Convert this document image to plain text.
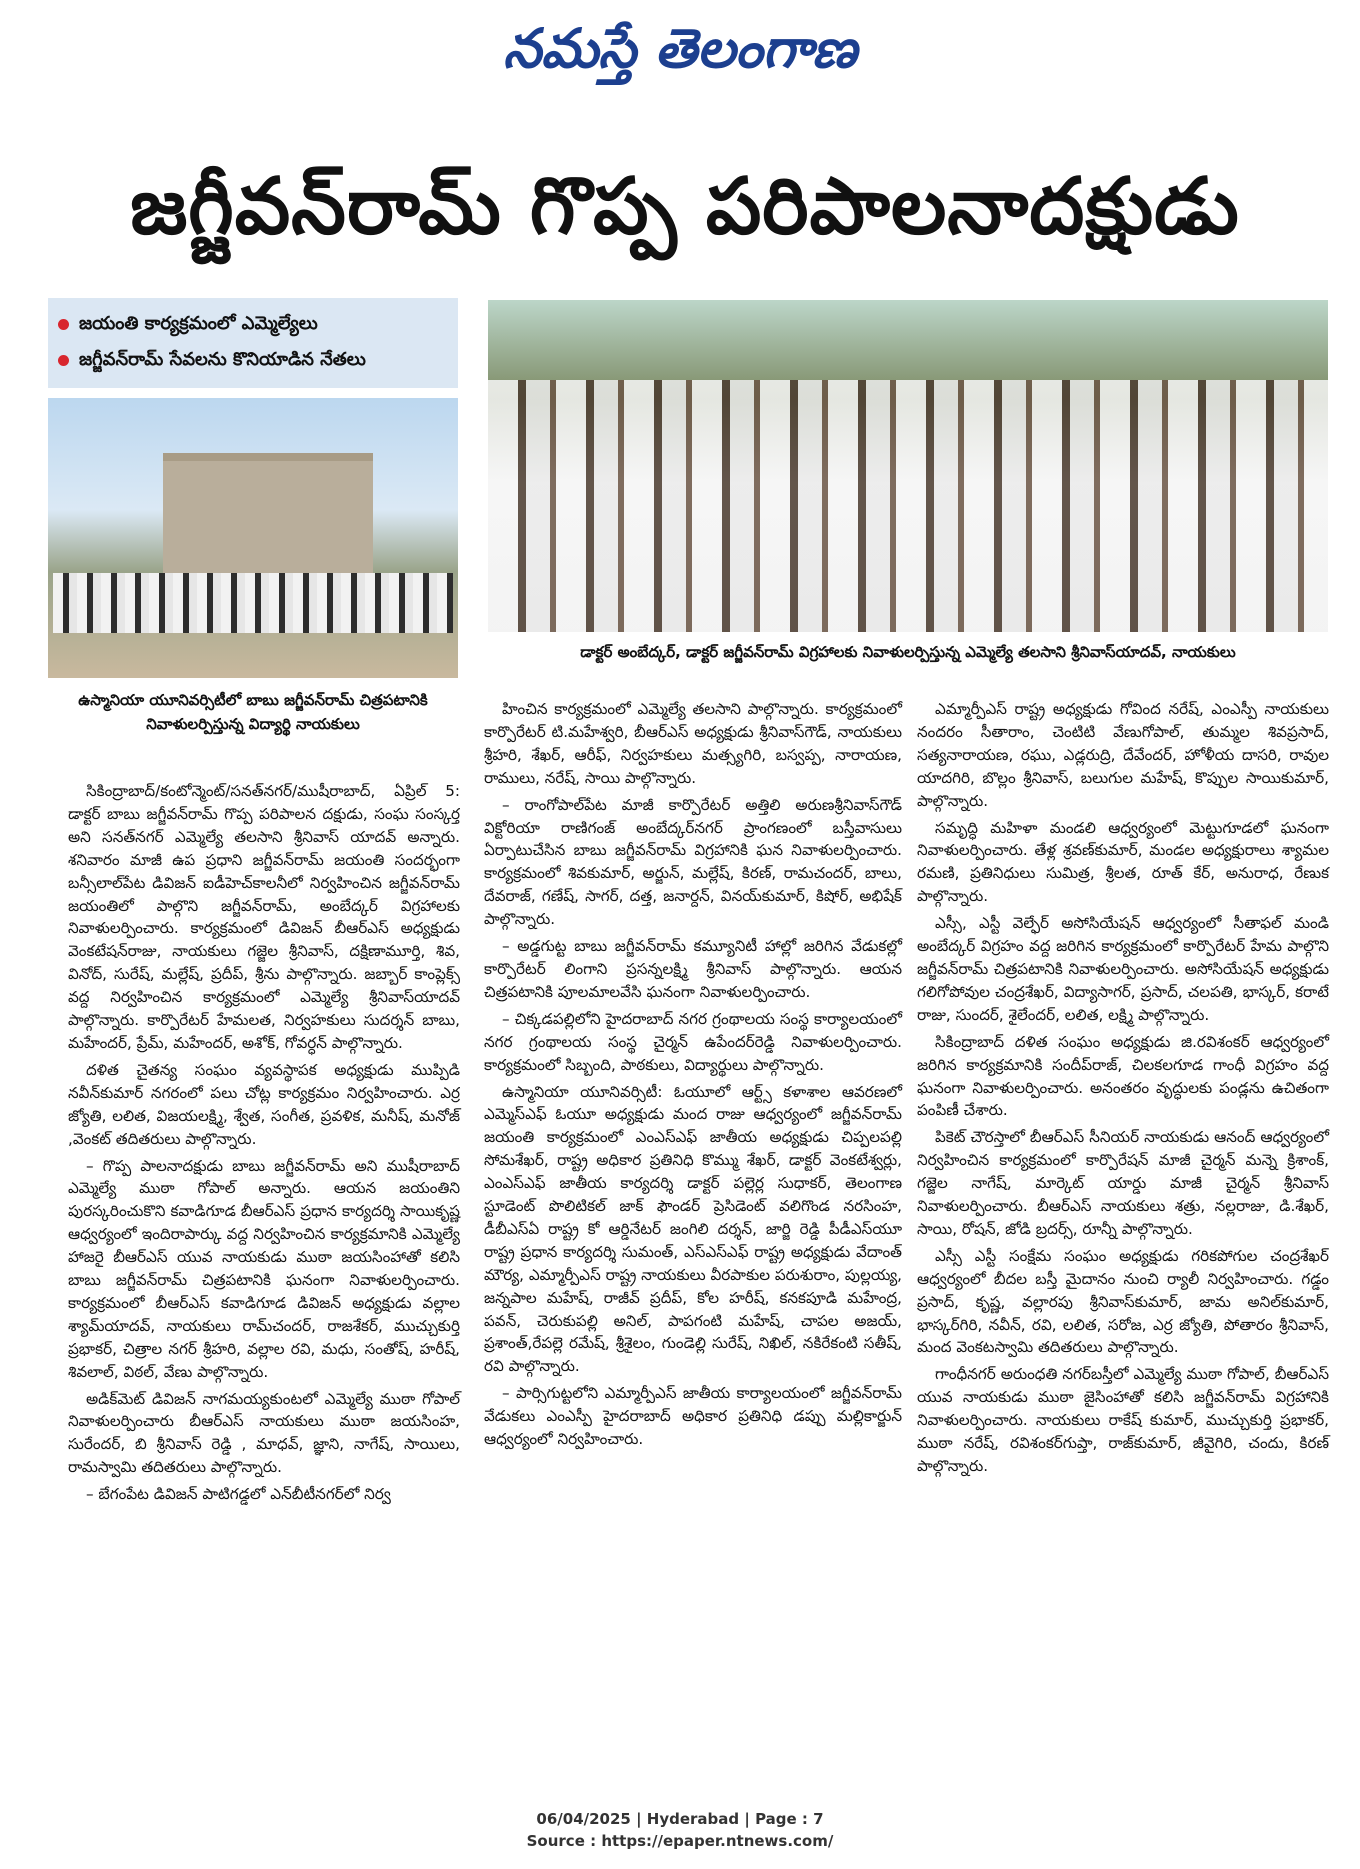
నమస్తే తెలంగాణ
జగ్జీవన్‌రామ్ గొప్ప పరిపాలనాదక్షుడు
జయంతి కార్యక్రమంలో ఎమ్మెల్యేలు
జగ్జీవన్‌రామ్ సేవలను కొనియాడిన నేతలు
డాక్టర్ అంబేద్కర్, డాక్టర్ జగ్జీవన్‌రామ్ విగ్రహాలకు నివాళులర్పిస్తున్న ఎమ్మెల్యే తలసాని శ్రీనివాస్‌యాదవ్, నాయకులు
ఉస్మానియా యూనివర్సిటీలో బాబు జగ్జీవన్‌రామ్ చిత్రపటానికి నివాళులర్పిస్తున్న విద్యార్థి నాయకులు

సికింద్రాబాద్/కంటోన్మెంట్/సనత్‌నగర్/ముషీరాబాద్, ఏప్రిల్ 5: డాక్టర్ బాబు జగ్జీవన్‌రామ్ గొప్ప పరిపాలన దక్షుడు, సంఘ సంస్కర్త అని సనత్‌నగర్ ఎమ్మెల్యే తలసాని శ్రీనివాస్ యాదవ్ అన్నారు. శనివారం మాజీ ఉప ప్రధాని జగ్జీవన్‌రామ్ జయంతి సందర్భంగా బన్సీలాల్‌పేట డివిజన్ ఐడీహెచ్‌కాలనీలో నిర్వహించిన జగ్జీవన్‌రామ్ జయంతిలో పాల్గొని జగ్జీవన్‌రామ్, అంబేద్కర్ విగ్రహాలకు నివాళులర్పించారు. కార్యక్రమంలో డివిజన్ బీఆర్‌ఎస్ అధ్యక్షుడు వెంకటేషన్‌రాజు, నాయకులు గజ్జెల శ్రీనివాస్, దక్షిణామూర్తి, శివ, వినోద్, సురేష్, మల్లేష్, ప్రదీప్, శ్రీను పాల్గొన్నారు. జబ్బార్ కాంప్లెక్స్ వద్ద నిర్వహించిన కార్యక్రమంలో ఎమ్మెల్యే శ్రీనివాస్‌యాదవ్ పాల్గొన్నారు. కార్పొరేటర్ హేమలత, నిర్వహకులు సుదర్శన్ బాబు, మహేందర్, ప్రేమ్, మహేందర్, అశోక్, గోవర్ధన్ పాల్గొన్నారు.

దళిత చైతన్య సంఘం వ్యవస్థాపక అధ్యక్షుడు ముప్పిడి నవీన్‌కుమార్ నగరంలో పలు చోట్ల కార్యక్రమం నిర్వహించారు. ఎర్ర జ్యోతి, లలిత, విజయలక్ష్మి, శ్వేత, సంగీత, ప్రవళిక, మనీష్, మనోజ్ ,వెంకట్ తదితరులు పాల్గొన్నారు.

– గొప్ప పాలనాదక్షుడు బాబు జగ్జీవన్‌రామ్ అని ముషీరాబాద్ ఎమ్మెల్యే ముఠా గోపాల్ అన్నారు. ఆయన జయంతిని పురస్కరించుకొని కవాడిగూడ బీఆర్‌ఎస్ ప్రధాన కార్యదర్శి సాయికృష్ణ ఆధ్వర్యంలో ఇందిరాపార్కు వద్ద నిర్వహించిన కార్యక్రమానికి ఎమ్మెల్యే హాజరై బీఆర్‌ఎస్ యువ నాయకుడు ముఠా జయసింహాతో కలిసి బాబు జగ్జీవన్‌రామ్ చిత్రపటానికి ఘనంగా నివాళులర్పించారు. కార్యక్రమంలో బీఆర్‌ఎస్ కవాడిగూడ డివిజన్ అధ్యక్షుడు వల్లాల శ్యామ్‌యాదవ్, నాయకులు రామ్‌చందర్, రాజశేకర్, ముచ్చుకుర్తి ప్రభాకర్, చిత్రాల నగర్ శ్రీహరి, వల్లాల రవి, మధు, సంతోష్, హరీష్, శివలాల్, విఠల్, వేణు పాల్గొన్నారు.

అడిక్‌మెట్ డివిజన్ నాగమయ్యకుంటలో ఎమ్మెల్యే ముఠా గోపాల్ నివాళులర్పించారు బీఆర్‌ఎస్ నాయకులు ముఠా జయసింహ, సురేందర్, బి శ్రీనివాస్ రెడ్డి , మాధవ్, జ్ఞాని, నాగేష్, సాయిలు, రామస్వామి తదితరులు పాల్గొన్నారు.

– బేగంపేట డివిజన్ పాటిగడ్డలో ఎన్‌బీటీనగర్‌లో నిర్వ

హించిన కార్యక్రమంలో ఎమ్మెల్యే తలసాని పాల్గొన్నారు. కార్యక్రమంలో కార్పొరేటర్ టి.మహేశ్వరి, బీఆర్‌ఎస్ అధ్యక్షుడు శ్రీనివాస్‌గౌడ్, నాయకులు శ్రీహరి, శేఖర్, ఆరీఫ్, నిర్వహకులు మత్స్యగిరి, బస్వప్ప, నారాయణ, రాములు, నరేష్, సాయి పాల్గొన్నారు.

– రాంగోపాల్‌పేట మాజీ కార్పొరేటర్ అత్తిలి అరుణశ్రీనివాస్‌గౌడ్ విక్టోరియా రాణిగంజ్ అంబేద్కర్‌నగర్ ప్రాంగణంలో బస్తీవాసులు ఏర్పాటుచేసిన బాబు జగ్జీవన్‌రామ్ విగ్రహానికి ఘన నివాళులర్పించారు. కార్యక్రమంలో శివకుమార్, అర్జున్, మల్లేష్, కిరణ్, రామచందర్, బాలు, దేవరాజ్, గణేష్, సాగర్, దత్త, జనార్దన్, వినయ్‌కుమార్, కిషోర్, అభిషేక్ పాల్గొన్నారు.

– అడ్డగుట్ట బాబు జగ్జీవన్‌రామ్ కమ్యూనిటీ హాల్లో జరిగిన వేడుకల్లో కార్పొరేటర్ లింగాని ప్రసన్నలక్ష్మి శ్రీనివాస్ పాల్గొన్నారు. ఆయన చిత్రపటానికి పూలమాలవేసి ఘనంగా నివాళులర్పించారు.

– చిక్కడపల్లిలోని హైదరాబాద్ నగర గ్రంథాలయ సంస్థ కార్యాలయంలో నగర గ్రంథాలయ సంస్థ చైర్మన్ ఉపేందర్‌రెడ్డి నివాళులర్పించారు. కార్యక్రమంలో సిబ్బంది, పాఠకులు, విద్యార్థులు పాల్గొన్నారు.

ఉస్మానియా యూనివర్సిటీ: ఓయూలో ఆర్ట్స్ కళాశాల ఆవరణలో ఎమ్మెస్ఎఫ్ ఓయూ అధ్యక్షుడు మంద రాజు ఆధ్వర్యంలో జగ్జీవన్‌రామ్ జయంతి కార్యక్రమంలో ఎంఎస్ఎఫ్ జాతీయ అధ్యక్షుడు చిప్పలపల్లి సోమశేఖర్, రాష్ట్ర అధికార ప్రతినిధి కొమ్ము శేఖర్, డాక్టర్ వెంకటేశ్వర్లు, ఎంఎస్ఎఫ్ జాతీయ కార్యదర్శి డాక్టర్ పల్లెర్ల సుధాకర్, తెలంగాణ స్టూడెంట్ పొలిటికల్ జాక్ ఫౌండర్ ప్రెసిడెంట్ వలిగొండ నరసింహ, డీబీఎస్ఏ రాష్ట్ర కో ఆర్డినేటర్ జంగిలి దర్శన్, జార్జి రెడ్డి పీడీఎస్‌యూ రాష్ట్ర ప్రధాన కార్యదర్శి సుమంత్, ఎస్ఎస్ఎఫ్ రాష్ట్ర అధ్యక్షుడు వేదాంత్ మౌర్య, ఎమ్మార్పీఎస్ రాష్ట్ర నాయకులు వీరపాకుల పరుశురాం, పుల్లయ్య, జన్నపాల మహేష్, రాజీవ్ ప్రదీప్, కోల హరీష్, కనకపూడి మహేంద్ర, పవన్, చెరుకుపల్లి అనిల్, పాపగంటి మహేష్, చాపల అజయ్, ప్రశాంత్,రేపల్లె రమేష్, శ్రీశైలం, గుండెల్లి సురేష్, నిఖిల్, నకిరేకంటి సతీష్, రవి పాల్గొన్నారు.

– పార్సిగుట్టలోని ఎమ్మార్పీఎస్ జాతీయ కార్యాలయంలో జగ్జీవన్‌రామ్ వేడుకలు ఎంఎస్పీ హైదరాబాద్ అధికార ప్రతినిధి డప్పు మల్లికార్జున్ ఆధ్వర్యంలో నిర్వహించారు.

ఎమ్మార్పీఎస్ రాష్ట్ర అధ్యక్షుడు గోవింద నరేష్, ఎంఎస్పీ నాయకులు నందరం సీతారాం, చెంటిటి వేణుగోపాల్, తుమ్మల శివప్రసాద్, సత్యనారాయణ, రఘు, ఎడ్లరుద్రి, దేవేందర్, హోళీయ దాసరి, రావుల యాదగిరి, బొల్లం శ్రీనివాస్, బలుగుల మహేష్, కొప్పుల సాయికుమార్, పాల్గొన్నారు.

సమృద్ధి మహిళా మండలి ఆధ్వర్యంలో మెట్టుగూడలో ఘనంగా నివాళులర్పించారు. తేళ్ల శ్రవణ్‌కుమార్, మండల అధ్యక్షురాలు శ్యామల రమణి, ప్రతినిధులు సుమిత్ర, శ్రీలత, రూత్ కేర్, అనురాధ, రేణుక పాల్గొన్నారు.

ఎస్సీ, ఎస్టీ వెల్ఫేర్ అసోసియేషన్ ఆధ్వర్యంలో సీతాఫల్ మండి అంబేద్కర్ విగ్రహం వద్ద జరిగిన కార్యక్రమంలో కార్పొరేటర్ హేమ పాల్గొని జగ్జీవన్‌రామ్ చిత్రపటానికి నివాళులర్పించారు. అసోసియేషన్ అధ్యక్షుడు గలిగోపోవుల చంద్రశేఖర్, విద్యాసాగర్, ప్రసాద్, చలపతి, భాస్కర్, కరాటే రాజు, సుందర్, శైలేందర్, లలిత, లక్ష్మి పాల్గొన్నారు.

సికింద్రాబాద్ దళిత సంఘం అధ్యక్షుడు జి.రవిశంకర్ ఆధ్వర్యంలో జరిగిన కార్యక్రమానికి సందీప్‌రాజ్, చిలకలగూడ గాంధీ విగ్రహం వద్ద ఘనంగా నివాళులర్పించారు. అనంతరం వృద్ధులకు పండ్లను ఉచితంగా పంపిణీ చేశారు.

పికెట్ చౌరస్తాలో బీఆర్‌ఎస్ సీనియర్ నాయకుడు ఆనంద్ ఆధ్వర్యంలో నిర్వహించిన కార్యక్రమంలో కార్పొరేషన్ మాజీ చైర్మన్ మన్నె క్రిశాంక్, గజ్జెల నాగేష్, మార్కెట్ యార్డు మాజీ చైర్మన్ శ్రీనివాస్ నివాళులర్పించారు. బీఆర్‌ఎస్ నాయకులు శత్రు, నల్లరాజు, డి.శేఖర్, సాయి, రోషన్, జోడి బ్రదర్స్, రూన్నీ పాల్గొన్నారు.

ఎస్సీ ఎస్టీ సంక్షేమ సంఘం అధ్యక్షుడు గరికపోగుల చంద్రశేఖర్ ఆధ్వర్యంలో బీదల బస్తీ మైదానం నుంచి ర్యాలీ నిర్వహించారు. గడ్డం ప్రసాద్, కృష్ణ, వల్లారపు శ్రీనివాస్‌కుమార్, జామ అనిల్‌కుమార్, భాస్కర్‌గిరి, నవీన్, రవి, లలిత, సరోజ, ఎర్ర జ్యోతి, పోతారం శ్రీనివాస్, మంద వెంకటస్వామి తదితరులు పాల్గొన్నారు.

గాంధీనగర్ అరుంధతి నగర్‌బస్తీలో ఎమ్మెల్యే ముఠా గోపాల్, బీఆర్‌ఎస్ యువ నాయకుడు ముఠా జైసింహాతో కలిసి జగ్జీవన్‌రామ్ విగ్రహానికి నివాళులర్పించారు. నాయకులు రాకేష్ కుమార్, ముచ్చుకుర్తి ప్రభాకర్, ముఠా నరేష్, రవిశంకర్‌గుప్తా, రాజ్‌కుమార్, జీవైగిరి, చందు, కిరణ్ పాల్గొన్నారు.

06/04/2025 | Hyderabad | Page : 7
Source : https://epaper.ntnews.com/
